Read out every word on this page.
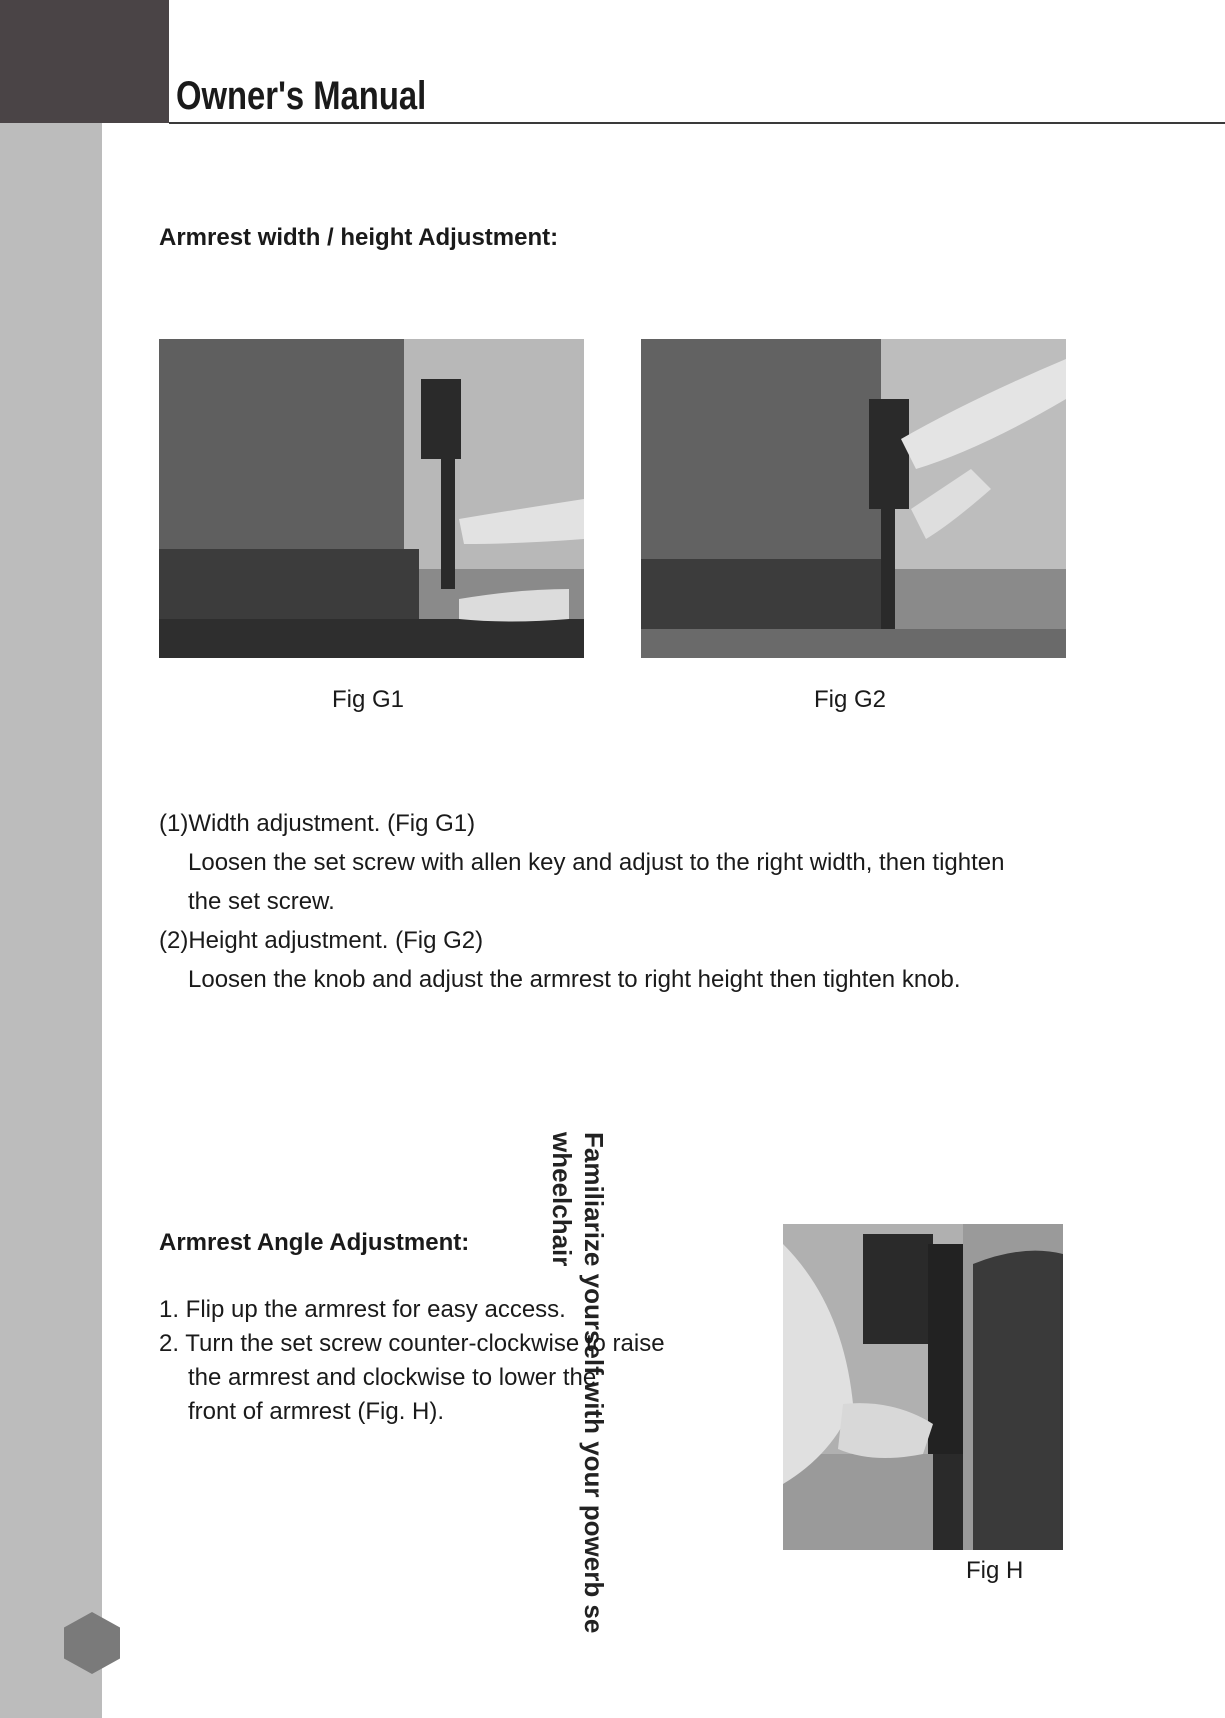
Owner's Manual
Familiarize yourself with your powerb se wheelchair
Armrest width / height Adjustment:
Fig G1	Fig G2
(1)Width adjustment. (Fig G1)
Loosen the set screw with allen key and adjust to the right width, then tighten
the set screw.
(2)Height adjustment. (Fig G2)
Loosen the knob and adjust the armrest to right height then tighten knob.
Armrest Angle Adjustment:
1. Flip up the armrest for easy access.
2. Turn the set screw counter-clockwise to raise
the armrest and clockwise to lower the
front of armrest (Fig. H).
Fig H
